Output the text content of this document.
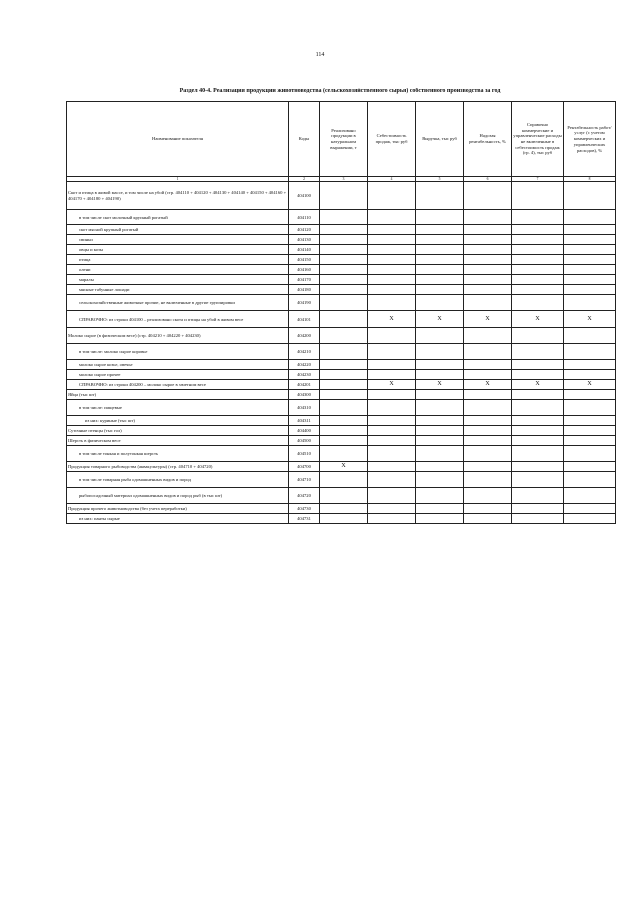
114
Раздел 40-4. Реализация продукции животноводства (сельскохозяйственного сырья) собственного производства за год
Наименование показателя	Коды	Реализовано продукции в натуральном выражении, т	Себестоимость продаж, тыс руб	Выручка, тыс руб	Надозая рентабельность, %	Справочно коммерческие и управленческие расходы не включенные в себестоимость продаж (гр. 4), тыс руб	Рентабельность работ/услуг (с учетом коммерческих и управленческих расходов), %
1	2	3	4	5	6	7	8
Скот и птица в живой массе, и том числе на убой (стр. 404110 + 404120 + 404130 + 404140 + 404150 + 404160 + 404170 + 404180 + 404190)	404100						
в том числе скот молочный крупный рогатый	404110						
скот мясной крупный рогатый	404120						
свиньи	404130						
овцы и козы	404140						
птица	404150						
олени	404160						
маралы	404170						
мясные табунные лошади	404180						
сельскохозяйственные животные прочие, не включенные в другие группировки	404190						
СПРАВОЧНО: из строки 404100 – реализовано скота и птицы на убой в живом весе	404101		X	X	X	X	X
Молоко сырое (в физическом весе) (стр. 404210 + 404220 + 404230)	404200						
в том числе: молоко сырое коровье	404210						
молоко сырое козье, овечье	404220						
молоко сырое прочее	404230						
СПРАВОЧНО: из строки 404200 – молоко сырое в зачетном весе	404201		X	X	X	X	X
Яйца (тыс шт)	404300						
в том числе: пищевые	404310						
из них: куриные (тыс шт)	404311						
Суточные птенцы (тыс гол)	404400						
Шерсть в физическом весе	404500						
в том числе тонкая и полутонкая шерсть	404510						
Продукция товарного рыбоводства (аквакультуры) (стр. 404710 + 404720)	404700	X					
в том числе товарная рыба одомашненных видов и пород	404710						
рыбопосадочный материал одомашненных видов и пород рыб (в тыс шт)	404720						
Продукция прочего животноводства (без учета переработки)	404730						
из них: панты сырые	404731						
